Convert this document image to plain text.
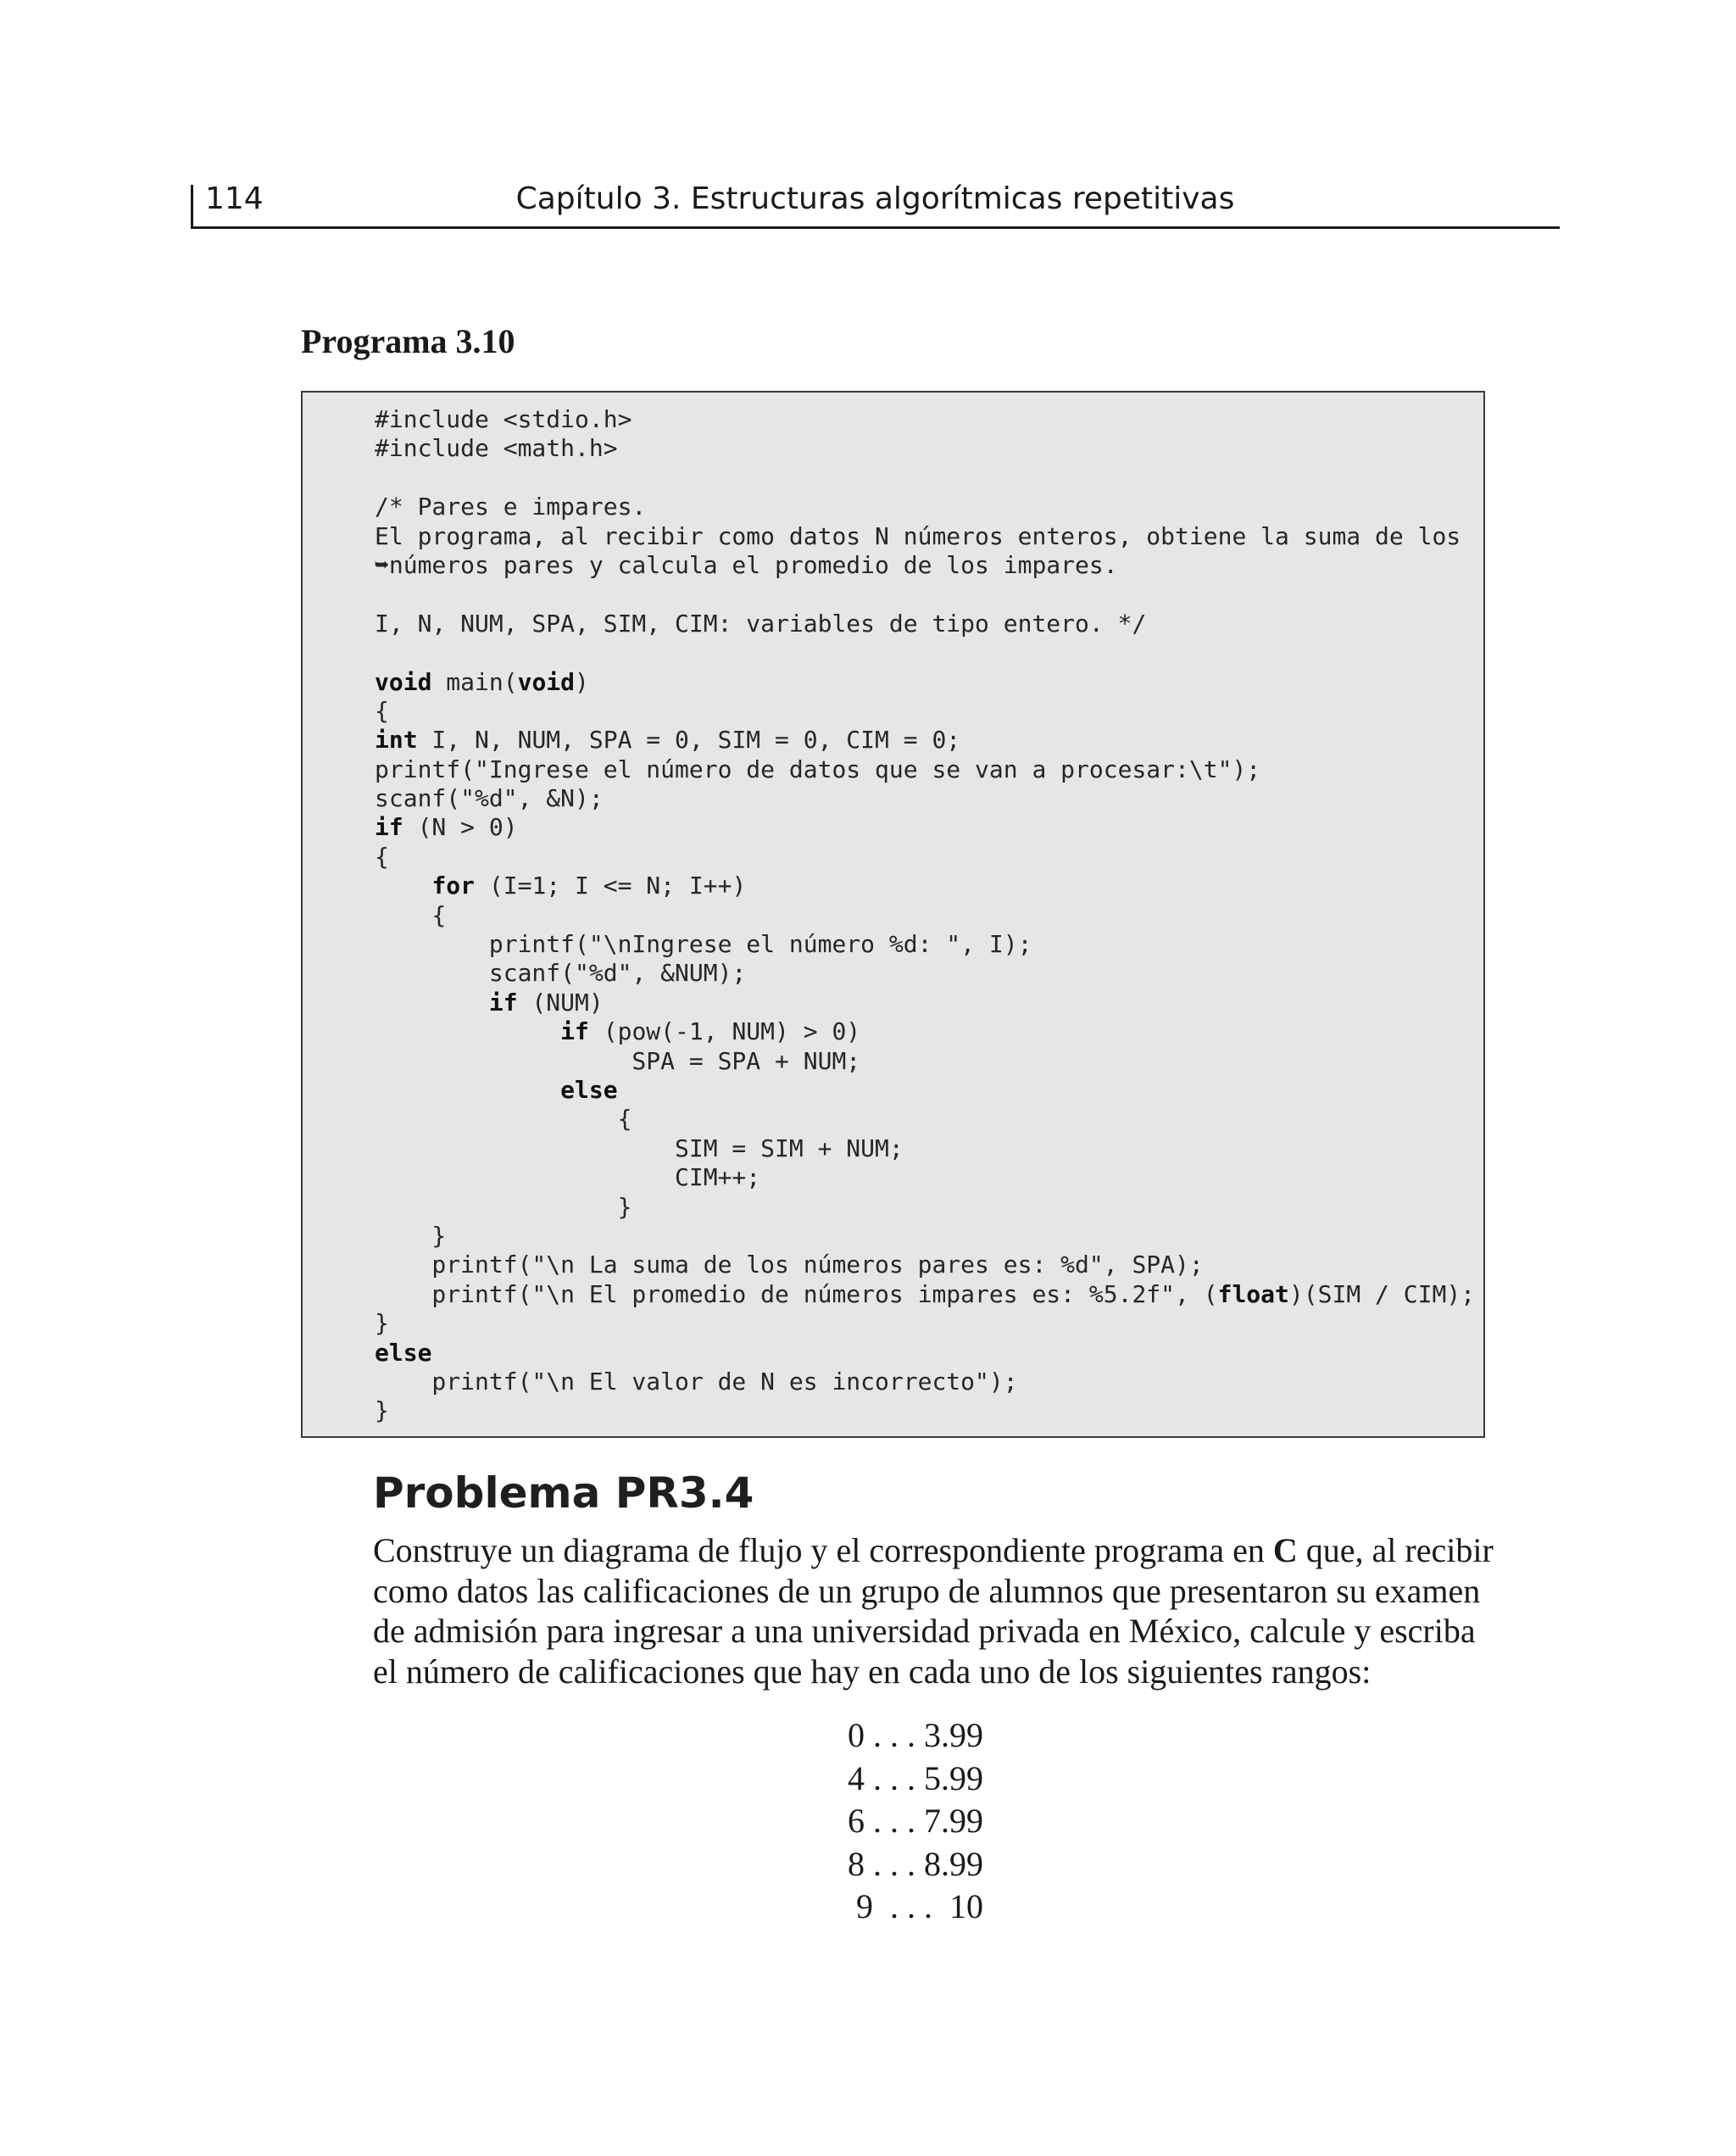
114	Capítulo 3. Estructuras algorítmicas repetitivas
Programa 3.10
#include <stdio.h>
#include <math.h>

/* Pares e impares.
El programa, al recibir como datos N números enteros, obtiene la suma de los
➥números pares y calcula el promedio de los impares.
I, N, NUM, SPA, SIM, CIM: variables de tipo entero. */

void main(void)
{
int I, N, NUM, SPA = 0, SIM = 0, CIM = 0;
printf("Ingrese el número de datos que se van a procesar:\t");
scanf("%d", &N);
if (N > 0)
{
for (I=1; I <= N; I++)
{
printf("\nIngrese el número %d: ", I);
scanf("%d", &NUM);
if (NUM)
if (pow(-1, NUM) > 0)
SPA = SPA + NUM;
else
{
SIM = SIM + NUM;
CIM++;
}
}
printf("\n La suma de los números pares es: %d", SPA);
printf("\n El promedio de números impares es: %5.2f", (float)(SIM / CIM);
}
else
printf("\n El valor de N es incorrecto");
}
Problema PR3.4
Construye un diagrama de flujo y el correspondiente programa en C que, al recibir
como datos las calificaciones de un grupo de alumnos que presentaron su examen
de admisión para ingresar a una universidad privada en México, calcule y escriba
el número de calificaciones que hay en cada uno de los siguientes rangos:
0 . . . 3.99
4 . . . 5.99
6 . . . 7.99
8 . . . 8.99
9  . . .  10
